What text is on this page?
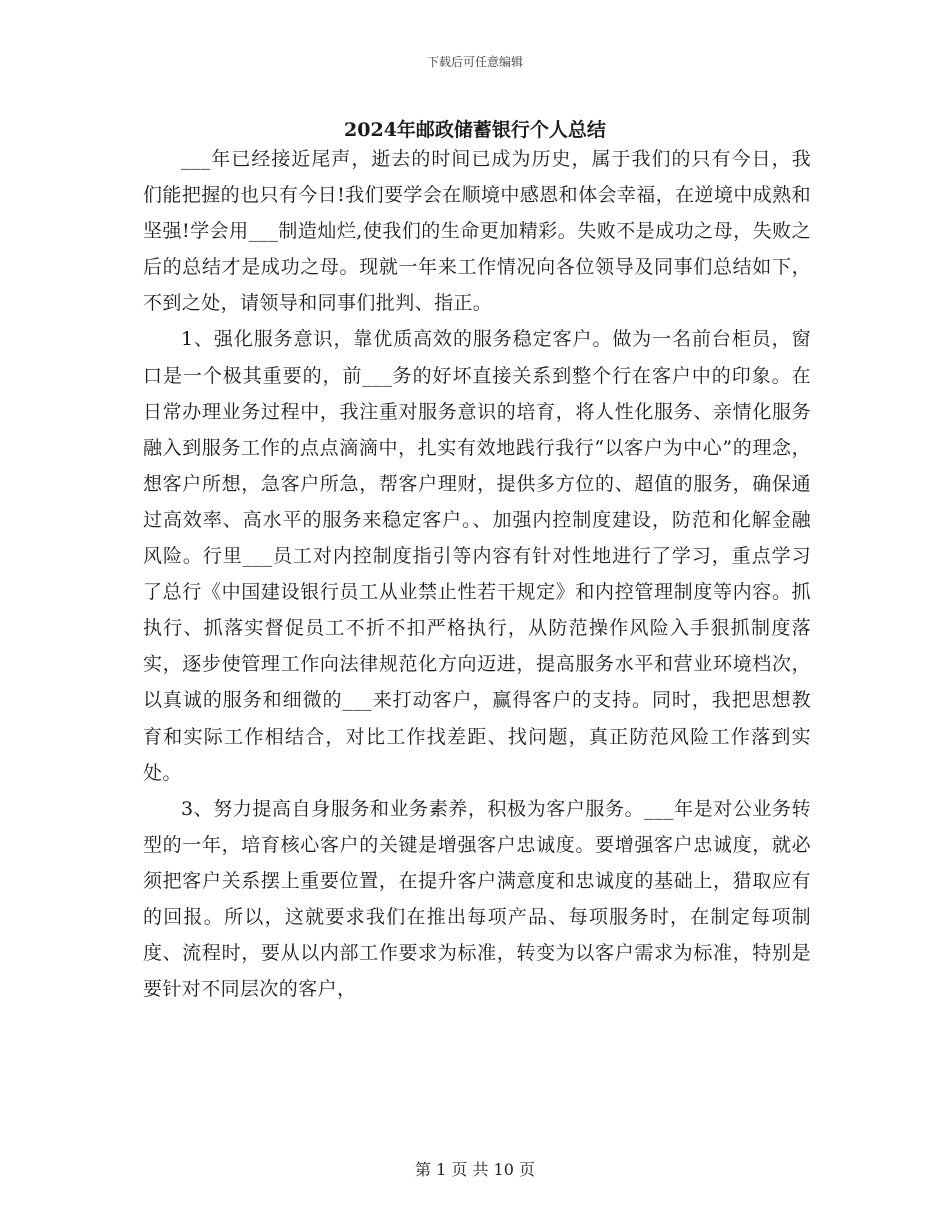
下载后可任意编辑
2024年邮政储蓄银行个人总结

___年已经接近尾声，逝去的时间已成为历史，属于我们的只有今日，我们能把握的也只有今日!我们要学会在顺境中感恩和体会幸福，在逆境中成熟和坚强!学会用___制造灿烂,使我们的生命更加精彩。失败不是成功之母，失败之后的总结才是成功之母。现就一年来工作情况向各位领导及同事们总结如下，不到之处，请领导和同事们批判、指正。

1、强化服务意识，靠优质高效的服务稳定客户。做为一名前台柜员，窗口是一个极其重要的，前___务的好坏直接关系到整个行在客户中的印象。在日常办理业务过程中，我注重对服务意识的培育，将人性化服务、亲情化服务融入到服务工作的点点滴滴中，扎实有效地践行我行“以客户为中心”的理念，想客户所想，急客户所急，帮客户理财，提供多方位的、超值的服务，确保通过高效率、高水平的服务来稳定客户。、加强内控制度建设，防范和化解金融风险。行里___员工对内控制度指引等内容有针对性地进行了学习，重点学习了总行《中国建设银行员工从业禁止性若干规定》和内控管理制度等内容。抓执行、抓落实督促员工不折不扣严格执行，从防范操作风险入手狠抓制度落实，逐步使管理工作向法律规范化方向迈进，提高服务水平和营业环境档次，以真诚的服务和细微的___来打动客户，赢得客户的支持。同时，我把思想教育和实际工作相结合，对比工作找差距、找问题，真正防范风险工作落到实处。

3、努力提高自身服务和业务素养，积极为客户服务。___年是对公业务转型的一年，培育核心客户的关键是增强客户忠诚度。要增强客户忠诚度，就必须把客户关系摆上重要位置，在提升客户满意度和忠诚度的基础上，猎取应有的回报。所以，这就要求我们在推出每项产品、每项服务时，在制定每项制度、流程时，要从以内部工作要求为标准，转变为以客户需求为标准，特别是要针对不同层次的客户，

第 1 页 共 10 页
